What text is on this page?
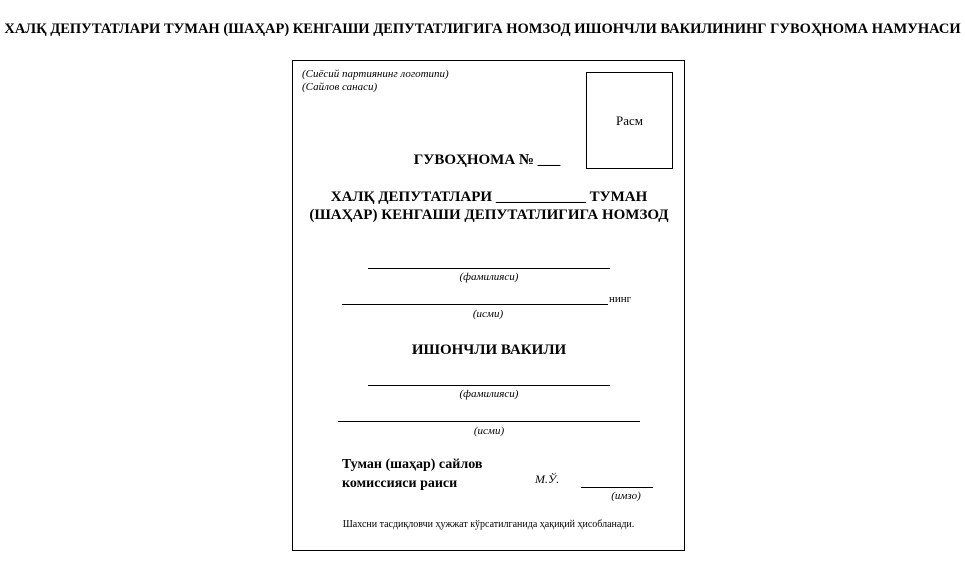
ХАЛҚ ДЕПУТАТЛАРИ ТУМАН (ШАҲАР) КЕНГАШИ ДЕПУТАТЛИГИГА НОМЗОД ИШОНЧЛИ ВАКИЛИНИНГ ГУВОҲНОМА НАМУНАСИ
(Сиёсий партиянинг логотипи)
(Сайлов санаси)
Расм
ГУВОҲНОМА № ___
ХАЛҚ ДЕПУТАТЛАРИ ____________ ТУМАН (ШАҲАР) КЕНГАШИ ДЕПУТАТЛИГИГА НОМЗОД
(фамилияси)
нинг
(исми)
ИШОНЧЛИ ВАКИЛИ
(фамилияси)
(исми)
Туман (шаҳар) сайлов
комиссияси раиси	М.Ў.
(имзо)
Шахсни тасдиқловчи ҳужжат кўрсатилганида ҳақиқий ҳисобланади.
